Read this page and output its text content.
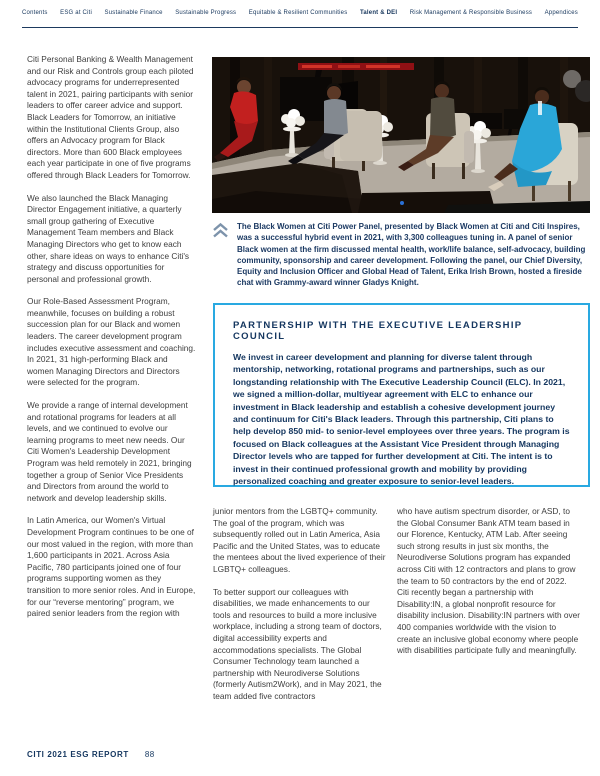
Contents ESG at Citi Sustainable Finance Sustainable Progress Equitable & Resilient Communities Talent & DEI Risk Management & Responsible Business Appendices

Citi Personal Banking & Wealth Management and our Risk and Controls group each piloted advocacy programs for underrepresented talent in 2021, pairing participants with senior leaders to offer career advice and support. Black Leaders for Tomorrow, an initiative within the Institutional Clients Group, also offers an Advocacy program for Black directors. More than 600 Black employees each year participate in one of five programs offered through Black Leaders for Tomorrow.

We also launched the Black Managing Director Engagement initiative, a quarterly small group gathering of Executive Management Team members and Black Managing Directors who get to know each other, share ideas on ways to enhance Citi's strategy and discuss opportunities for personal and professional growth.

Our Role-Based Assessment Program, meanwhile, focuses on building a robust succession plan for our Black and women leaders. The career development program includes executive assessment and coaching. In 2021, 31 high-performing Black and women Managing Directors and Directors were selected for the program.

We provide a range of internal development and rotational programs for leaders at all levels, and we continued to evolve our learning programs to meet new needs. Our Citi Women's Leadership Development Program was held remotely in 2021, bringing together a group of Senior Vice Presidents and Directors from around the world to network and develop leadership skills.

In Latin America, our Women's Virtual Development Program continues to be one of our most valued in the region, with more than 1,600 participants in 2021. Across Asia Pacific, 780 participants joined one of four programs supporting women as they transition to more senior roles. And in Europe, for our “reverse mentoring” program, we paired senior leaders from the region with

The Black Women at Citi Power Panel, presented by Black Women at Citi and Citi Inspires, was a successful hybrid event in 2021, with 3,300 colleagues tuning in. A panel of senior Black women at the firm discussed mental health, work/life balance, self-advocacy, building community, sponsorship and career development. Following the panel, our Chief Diversity, Equity and Inclusion Officer and Global Head of Talent, Erika Irish Brown, hosted a fireside chat with Grammy-award winner Gladys Knight.
PARTNERSHIP WITH THE EXECUTIVE LEADERSHIP COUNCIL
We invest in career development and planning for diverse talent through mentorship, networking, rotational programs and partnerships, such as our longstanding relationship with The Executive Leadership Council (ELC). In 2021, we signed a million-dollar, multiyear agreement with ELC to enhance our investment in Black leadership and establish a cohesive development journey and continuum for Citi's Black leaders. Through this partnership, Citi plans to help develop 850 mid- to senior-level employees over three years. The program is focused on Black colleagues at the Assistant Vice President through Managing Director levels who are tapped for further development at Citi. The intent is to invest in their continued professional growth and mobility by providing personalized coaching and greater exposure to senior-level leaders.

junior mentors from the LGBTQ+ community. The goal of the program, which was subsequently rolled out in Latin America, Asia Pacific and the United States, was to educate the mentees about the lived experience of their LGBTQ+ colleagues.

To better support our colleagues with disabilities, we made enhancements to our tools and resources to build a more inclusive workplace, including a strong team of doctors, digital accessibility experts and accommodations specialists. The Global Consumer Technology team launched a partnership with Neurodiverse Solutions (formerly Autism2Work), and in May 2021, the team added five contractors

who have autism spectrum disorder, or ASD, to the Global Consumer Bank ATM team based in our Florence, Kentucky, ATM Lab. After seeing such strong results in just six months, the Neurodiverse Solutions program has expanded across Citi with 12 contractors and plans to grow the team to 50 contractors by the end of 2022. Citi recently began a partnership with Disability:IN, a global nonprofit resource for disability inclusion. Disability:IN partners with over 400 companies worldwide with the vision to create an inclusive global economy where people with disabilities participate fully and meaningfully.

CITI 2021 ESG REPORT 88
